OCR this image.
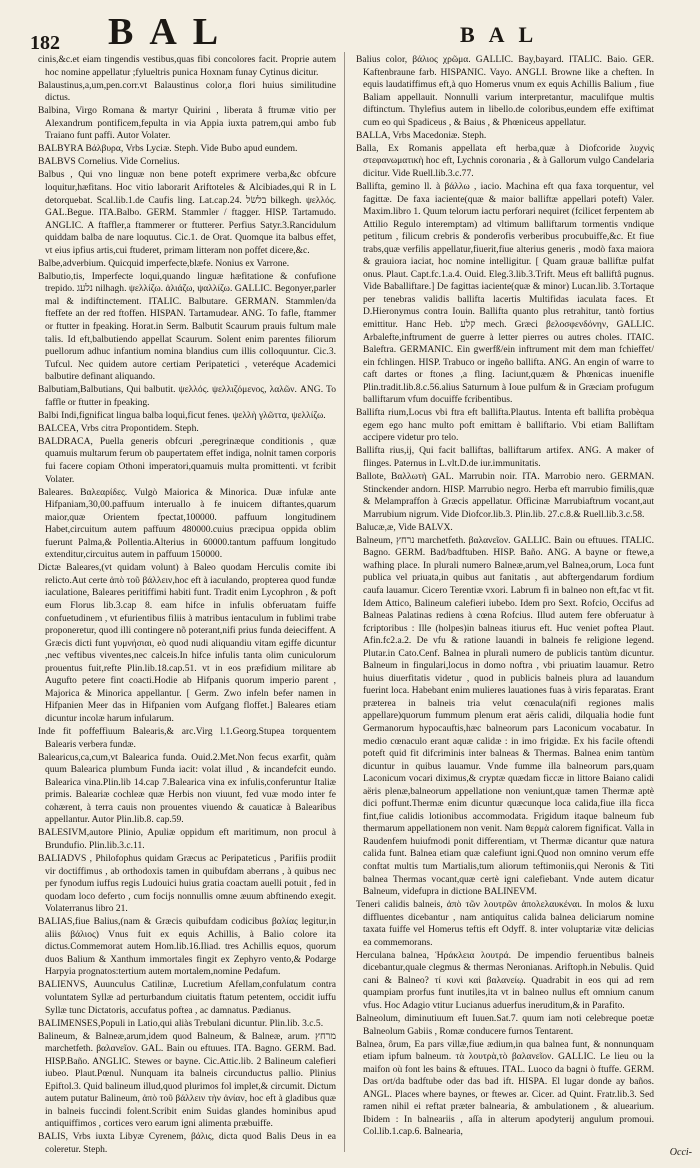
182 BAL	BAL

cinis,&c.et eiam tingendis vestibus,quas fibi concolores facit. Proprie autem hoc nomine appellatur ;fylueltris punica Hoxnam funay Cytinus dicitur.

Balaustinus,a,um,pen.corr.vt Balaustinus color,a flori huius similitudine dictus.

Balbina, Virgo Romana & martyr Quirini , liberata â ftrumæ vitio per Alexandrum pontificem,fepulta in via Appia iuxta patrem,qui ambo fub Traiano funt paffi. Autor Volater.

BALBYRA Βάλβυρα, Vrbs Lyciæ. Steph. Vide Bubo apud eundem.

BALBVS Cornelius. Vide Cornelius.

Balbus , Qui vno linguæ non bene poteft exprimere verba,&c obfcure loquitur,hæfitans. Hoc vitio laborarit Ariftoteles & Alcibiades,qui R in L detorquebat. Scal.lib.1.de Caufis ling. Lat.cap.24. בלשׂל bilkegh. ψελλός. GAL.Begue. ITA.Balbo. GERM. Stammler / ftagger. HISP. Tartamudo. ANGLIC. A ftaffler,a ftammerer or ftutterer. Perfius Satyr.3.Rancidulum quiddam balba de nare loquutus. Cic.1. de Orat. Quomque ita balbus effet, vt eius ipfius artis,cui ftuderet, primam litteram non poffet dicere,&c.

Balbe,adverbium. Quicquid imperfecte,blæfe. Nonius ex Varrone.

Balbutio,tis, Imperfecte loqui,quando linguæ hæfitatione & confufione trepido. נלעג nilhagh. ψελλίζω. ἀλιάζω, ψαλλίζω. GALLIC. Begonyer,parler mal & indiftinctement. ITALIC. Balbutare. GERMAN. Stammlen/da fteffete an der red ftoffen. HISPAN. Tartamudear. ANG. To fafle, ftammer or ftutter in fpeaking. Horat.in Serm. Balbutit Scaurum prauis fultum male talis. Id eft,balbutiendo appellat Scaurum. Solent enim parentes filiorum puellorum adhuc infantium nomina blandius cum illis colloquuntur. Cic.3. Tufcul. Nec quidem autore certiam Peripatetici , veteréque Academici balbutire definant aliquando.

Balbutiam,Balbutians, Qui balbutit. ψελλός. ψελλιζόμενος, λαλῶν. ANG. To faffle or ftutter in fpeaking.

Balbi Indi,fignificat lingua balba loqui,ficut fenes. ψελλὴ γλῶττα, ψελλίζω.

BALCEA, Vrbs citra Propontidem. Steph.

BALDRACA, Puella generis obfcuri ,peregrinæque conditionis , quæ quamuis multarum ferum ob paupertatem effet indiga, nolnit tamen corporis fui facere copiam Othoni imperatori,quamuis multa promittenti. vt fcribit Volater.

Baleares. Βαλεαρίδες. Vulgò Maiorica & Minorica. Duæ infulæ ante Hifpaniam,30,00.paffuum interuallo à fe inuicem diftantes,quarum maior,quæ Orientem fpectat,100000. paffuum longitudinem Habet,circuitum autem paffuum 480000.cuius præcipua oppida oblim fuerunt Palma,& Pollentia.Alterius in 60000.tantum paffuum longitudo extenditur,circuitus autem in paffuum 150000.

Dictæ Baleares,(vt quidam volunt) à Baleo quodam Herculis comite ibi relicto.Aut certe ἀπὸ τοῦ βάλλειν,hoc eft à iaculando, propterea quod fundæ iaculatione, Baleares peritiffimi habiti funt. Tradit enim Lycophron , & poft eum Florus lib.3.cap 8. eam hifce in infulis obferuatam fuiffe confuetudinem , vt efurientibus filiis à matribus ientaculum in fublimi trabe proponeretur, quod illi contingere nõ poterant,nifi prius funda deieciffent. A Græcis dicti funt γυμνήσιαι, eò quod nudi aliquandiu vitam egiffe dicuntur ,nec veftibus viventes,nec calceis.In hifce infulis tanta olim cuniculorum prouentus fuit,refte Plin.lib.18.cap.51. vt in eos præfidium militare ab Augufto petere fint coacti.Hodie ab Hifpanis quorum imperio parent , Majorica & Minorica appellantur. [ Germ. Zwo infeln befer namen in Hifpanien Meer das in Hifpanien vom Aufgang floffet.] Baleares etiam dicuntur incolæ harum infularum.

Inde fit poffeffiuum Balearis,& arc.Virg l.1.Georg.Stupea torquentem Balearis verbera fundæ.

Balearicus,ca,cum,vt Balearica funda. Ouid.2.Met.Non fecus exarfit, quàm quum Balearica plumbum Funda iacit: volat illud , & incandefcit eundo. Balearica vina.Plin.lib 14.cap 7.Balearica vina ex infulis,conferuntur Italiæ primis. Baleariæ cochleæ quæ Herbis non viuunt, fed vuæ modo inter fe cohærent, à terra cauis non prouentes viuendo & cauaticæ à Balearibus appellantur. Autor Plin.lib.8. cap.59.

BALESIVM,autore Plinio, Apuliæ oppidum eft maritimum, non procul à Brundufio. Plin.lib.3.c.11.

BALIADVS , Philofophus quidam Græcus ac Peripateticus , Parifiis prodiit vir doctiffimus , ab orthodoxis tamen in quibufdam aberrans , à quibus nec per fynodum iuffus regis Ludouici huius gratia coactam auelli potuit , fed in quodam loco deferto , cum focijs nonnullis omne æuum abftinendo exegit. Volaterranus libro 21.

BALIAS,fiue Balius,(nam & Græcis quibufdam codicibus βαλίας legitur,in aliis βάλιος) Vnus fuit ex equis Achillis, à Balio colore ita dictus.Commemorat autem Hom.lib.16.Iliad. tres Achillis equos, quorum duos Balium & Xanthum immortales fingit ex Zephyro vento,& Podarge Harpyia prognatos:tertium autem mortalem,nomine Pedafum.

BALIENVS, Auunculus Catilinæ, Lucretium Afellam,confulatum contra voluntatem Syllæ ad perturbandum ciuitatis ftatum petentem, occidit iuffu Syllæ tunc Dictatoris, accufatus poftea , ac damnatus. Pædianus.

BALIMENSES,Populi in Latio,qui aliàs Trebulani dicuntur. Plin.lib. 3.c.5.

Balineum, & Balneæ,arum,idem quod Balneum, & Balneæ, arum. מרחץ marchetfeth. βαλανεῖον. GAL. Bain ou eftuues. ITA. Bagno. GERM. Bad. HISP.Baño. ANGLIC. Stewes or bayne. Cic.Attic.lib. 2 Balineum calefieri iubeo. Plaut.Pœnul. Nunquam ita balneis circunductus pallio. Plinius Epiftol.3. Quid balineum illud,quod plurimos fol implet,& circumit. Dictum autem putatur Balineum, ἀπὸ τοῦ βάλλειν τὴν ἀνίαν, hoc eft à gladibus quæ in balneis fuccindi folent.Scribit enim Suidas glandes hominibus apud antiquiffimos , cortices vero earum igni alimenta præbuiffe.

BALIS, Vrbs iuxta Libyæ Cyrenem, βάλις, dicta quod Balis Deus in ea coleretur. Steph.

Balius color, βάλιος χρῶμα. GALLIC. Bay,bayard. ITALIC. Baio. GER. Kaftenbraune farb. HISPANIC. Vayo. ANGLI. Browne like a cheften. In equis laudatiffimus eft,à quo Homerus vnum ex equis Achillis Balium , fiue Baliam appellauit. Nonnulli varium interpretantur, maculifque multis diftinctum. Thylefius autem in libello.de coloribus,eundem effe exiftimat cum eo quì Spadiceus , & Baius , & Phœniceus appellatur.

BALLA, Vrbs Macedoniæ. Steph.

Balla, Ex Romanis appellata eft herba,quæ à Diofcoride λυχνὶς στεφανωματικὴ hoc eft, Lychnis coronaria , & à Gallorum vulgo Candelaria dicitur. Vide Ruell.lib.3.c.77.

Ballifta, gemino ll. à βάλλω , iacio. Machina eft qua faxa torquentur, vel fagittæ. De faxa iaciente(quæ & maior balliftæ appellari poteft) Valer. Maxim.libro 1. Quum telorum iactu perforari nequiret (fcilicet ferpentem ab Attilio Regulo interemptam) ad vltimum balliftarum tormentis vndique petitum , filicum crebris & ponderofis verberibus procubuiffe,&c. Et fiue trabs,quæ verfilis appellatur,fiuerit,fiue alterius generis , modò faxa maiora & grauiora iaciat, hoc nomine intelligitur. [ Quam grauæ balliftæ pulfat onus. Plaut. Capt.fc.1.a.4. Ouid. Eleg.3.lib.3.Trift. Meus eft balliftâ pugnus. Vide Baballiftare.] De fagittas iaciente(quæ & minor) Lucan.lib. 3.Tortaque per tenebras validis ballifta lacertis Multifidas iaculata faces. Et D.Hieronymus contra Iouin. Ballifta quanto plus retrahitur, tantò fortius emittitur. Hanc Heb. קלע mech. Græci βελοσφενδόνην, GALLIC. Arbalefte,inftrument de guerre à letter pierres ou autres choles. ITAIC. Baleftra. GERMANIC. Ein gwerfß/ein inftrument mit dem man fchieffet/ ein fchlingen. HISP. Trabuco or ingeño ballifta. ANG. An engin of warre to caft dartes or ftones ,a fling. Iaciunt,quæm & Phœnicas inuenifle Plin.tradit.lib.8.c.56.alius Saturnum à Ioue pulfum & in Græciam profugum balliftarum vfum docuiffe fcribentibus.

Ballifta rium,Locus vbi ftra eft ballifta.Plautus. Intenta eft ballifta probèqua egem ego hanc multo poft emittam è balliftario. Vbi etiam Balliftam accipere videtur pro telo.

Ballifta rius,ij, Qui facit balliftas, balliftarum artifex. ANG. A maker of flinges. Paternus in L.vlt.D.de iur.immunitatis.

Ballote, Βαλλωτὴ GAL. Marrubin noir. ITA. Marrobio nero. GERMAN. Stinckender andorn. HISP. Marrubio negro. Herba eft marrubio fimilis,quæ & Melampraffon à Græcis appellatur. Officinæ Marrubiaftrum vocant,aut Marrubium nigrum. Vide Diofcor.lib.3. Plin.lib. 27.c.8.& Ruell.lib.3.c.58.

Balucæ,æ, Vide BALVX.

Balneum, נרחץ marchetfeth. βαλανεῖον. GALLIC. Bain ou eftuues. ITALIC. Bagno. GERM. Bad/badftuben. HISP. Baño. ANG. A bayne or ftewe,a wafhing place. In plurali numero Balneæ,arum,vel Balnea,orum, Loca funt publica vel priuata,in quibus aut fanitatis , aut abftergendarum fordium caufa lauamur. Cicero Terentiæ vxori. Labrum fi in balneo non eft,fac vt fit. Idem Attico, Balineum calefieri iubebo. Idem pro Sext. Rofcio, Occifus ad Balneas Palatinas rediens à cœna Rofcius. Illud autem fere obferuatur à fcriptoribus : Ille (holpes)in balneas itiurus eft. Huc veniet poftea Plaut. Afin.fc2.a.2. De vfu & ratione lauandi in balneis fe religione legend. Plutar.in Cato.Cenf. Balnea in pluralì numero de publicis tantùm dicuntur. Balneum in fingulari,locus in domo noftra , vbi priuatim lauamur. Retro huius diuerfitatis videtur , quod in publicis balneis plura ad lauandum fuerint loca. Habebant enim mulieres lauationes fuas à viris feparatas. Erant præterea in balneis tria velut cœnacula(nifi regiones malis appellare)quorum fummum plenum erat aëris calidi, dilqualia hodie funt Germanorum hypocauftis,hæc balneorum pars Laconicum vocabatur. In medio cœnaculo erant aquæ calidæ : in imo frigidæ. Ex his facile oftendi poteft quid fit difcriminis inter balneas & Thermas. Balnea enim tantùm dicuntur in quibus lauamur. Vnde fumme illa balneorum pars,quam Laconicum vocari diximus,& cryptæ quædam ficcæ in littore Baiano calidi aëris plenæ,balneorum appellatione non veniunt,quæ tamen Thermæ aptè dici poffunt.Thermæ enim dicuntur quæcunque loca calida,fiue illa ficca fint,fiue calidis lotionibus accommodata. Frigidum itaque balneum fub thermarum appellationem non venit. Nam θερμὰ calorem fignificat. Valla in Raudenfem huiufmodi ponit differentiam, vt Thermæ dicantur quæ natura calida funt. Balnea etiam quæ calefiunt igni.Quod non omnino verum effe conftat multis tum Martialis,tum aliorum teftimoniis,qui Neronis & Titi balnea Thermas vocant,quæ certè igni calefiebant. Vnde autem dicatur Balneum, videfupra in dictione BALINEVM.

Teneri calidis balneis, ἀπὸ τῶν λουτρῶν ἀπολελαυκέναι. In molos & luxu diffluentes dicebantur , nam antiquitus calida balnea deliciarum nomine taxata fuiffe vel Homerus teftis eft Odyff. 8. inter voluptariæ vitæ delicias ea commemorans.

Herculana balnea, Ἡράκλεια λουτρά. De impendio feruentibus balneis dicebantur,quale clegmus & thermas Neronianas. Ariftoph.in Nebulis. Quid cani & Balneo? τί κυνὶ καὶ βαλανείῳ. Quadrabit in eos qui ad rem quampiam prorfus funt inutiles,ita vt in balneo nullus eft omnium canum vfus. Hoc Adagio vtitur Lucianus aduerfus ineruditum,& in Parafito.

Balneolum, diminutiuum eft Iuuen.Sat.7. quum iam noti celebreque poetæ Balneolum Gabiis , Romæ conducere furnos Tentarent.

Balnea, ôrum, Ea pars villæ,fiue ædium,in qua balnea funt, & nonnunquam etiam ipfum balneum. τὰ λουτρὰ,τὸ βαλανεῖον. GALLIC. Le lieu ou la maifon où font les bains & eftuues. ITAL. Luoco da bagni ò ftuffe. GERM. Das ort/da badftube oder das bad ift. HISPA. El lugar donde ay baños. ANGL. Places where baynes, or ftewes ar. Cicer. ad Quint. Fratr.lib.3. Sed ramen nihil ei reftat præter balnearia, & ambulationem , & aluearium. Ibidem : In balneariis , aſſa in alterum apodyterij angulum promoui. Col.lib.1.cap.6. Balnearia,

Occi-
